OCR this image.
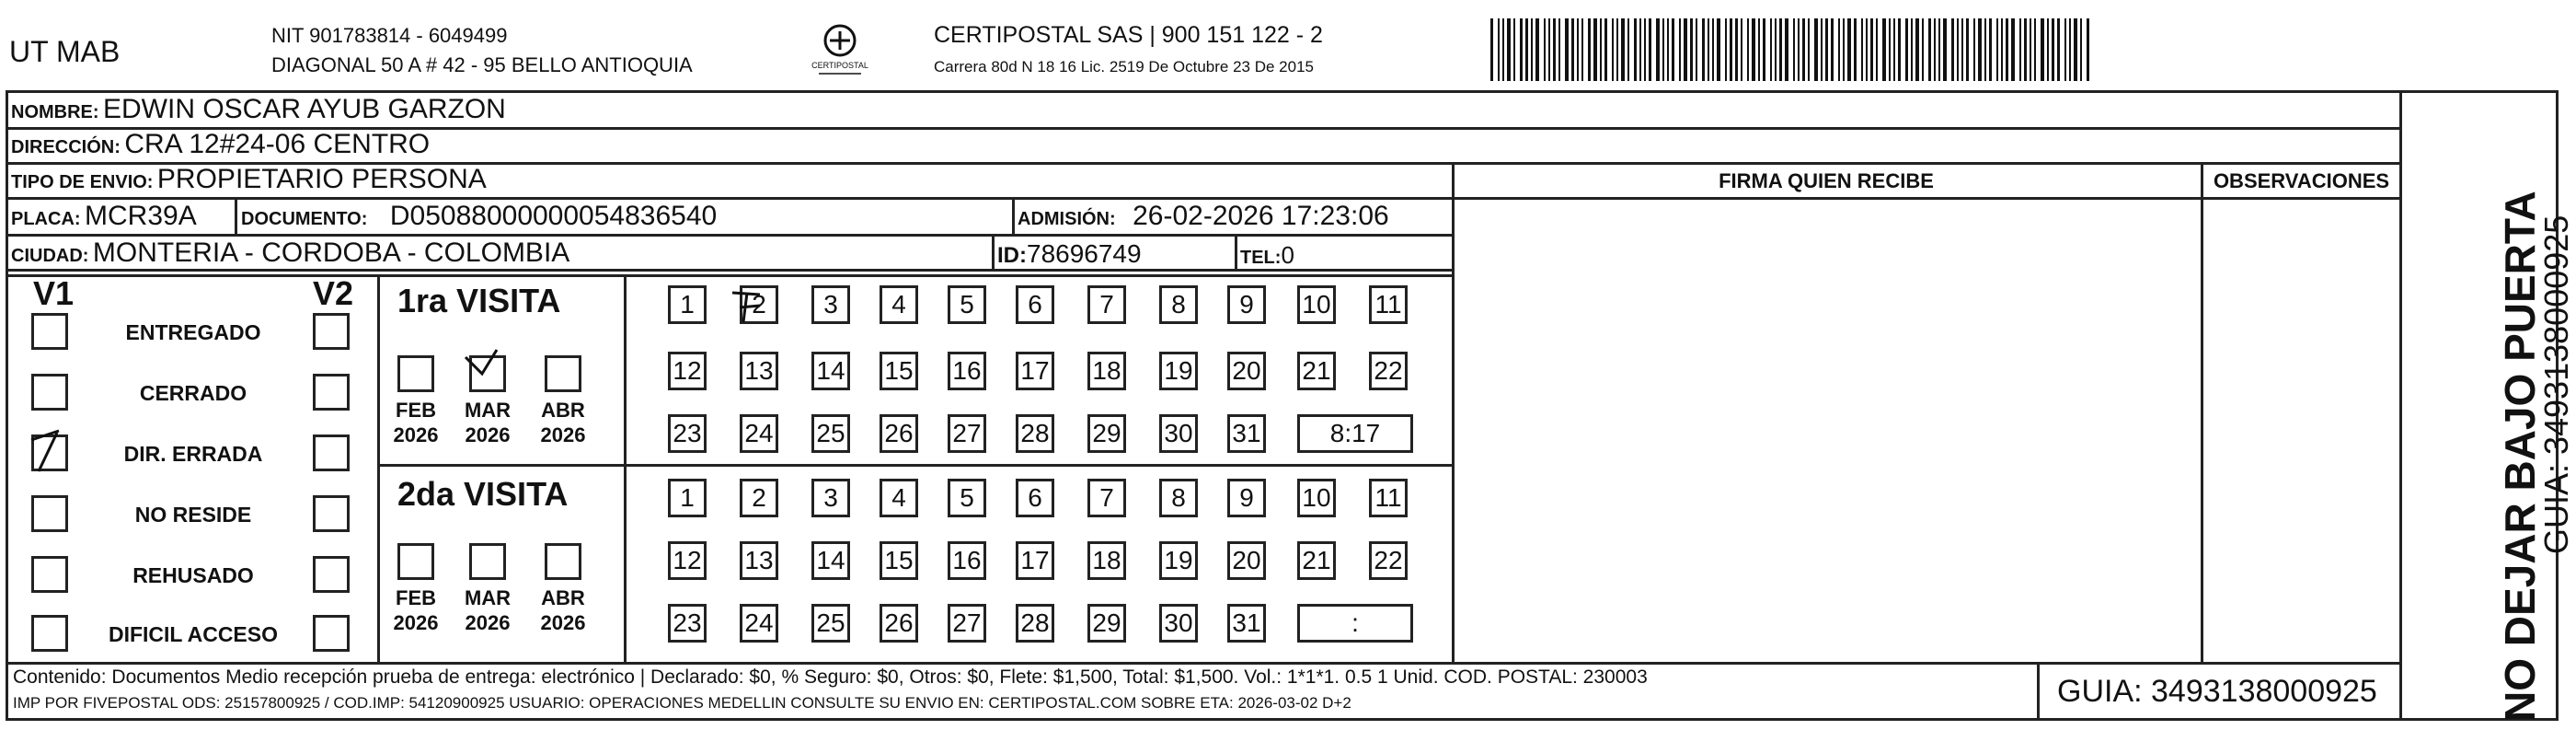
UT MAB	NIT 901783814 - 6049499
DIAGONAL 50 A # 42 - 95 BELLO ANTIOQUIA	CERTIPOSTAL
CERTIPOSTAL SAS | 900 151 122 - 2
Carrera 80d N 18 16 Lic. 2519 De Octubre 23 De 2015
NOMBRE: EDWIN OSCAR AYUB GARZON
DIRECCIÓN: CRA 12#24-06 CENTRO
TIPO DE ENVIO: PROPIETARIO PERSONA	FIRMA QUIEN RECIBE	OBSERVACIONES
PLACA: MCR39A DOCUMENTO: D05088000000054836540	ADMISIÓN: 26-02-2026 17:23:06
CIUDAD: MONTERIA - CORDOBA - COLOMBIA	ID:78696749	TEL:0
V1	V2
ENTREGADO
CERRADO
DIR. ERRADA
NO RESIDE
REHUSADO
DIFICIL ACCESO
1ra VISITA
2da VISITA
FEB
2026
MAR
2026
ABR
2026
FEB
2026
MAR
2026
ABR
2026
1	2	3	4	5	6	7	8	9	10 11
12 13 14 15 16 17 18 19 20 21 22
23 24 25 26 27 28 29 30 31	8:17
1	2	3	4	5	6	7	8	9	10 11
12 13 14 15 16 17 18 19 20 21 22
23 24 25 26 27 28 29 30 31	:
Contenido: Documentos Medio recepción prueba de entrega: electrónico | Declarado: $0, % Seguro: $0, Otros: $0, Flete: $1,500, Total: $1,500. Vol.: 1*1*1. 0.5 1 Unid. COD. POSTAL: 230003
IMP POR FIVEPOSTAL ODS: 25157800925 / COD.IMP: 54120900925 USUARIO: OPERACIONES MEDELLIN CONSULTE SU ENVIO EN: CERTIPOSTAL.COM SOBRE ETA: 2026-03-02 D+2	GUIA: 3493138000925	NO DEJAR BAJO PUERTA
GUIA: 3493138000925
